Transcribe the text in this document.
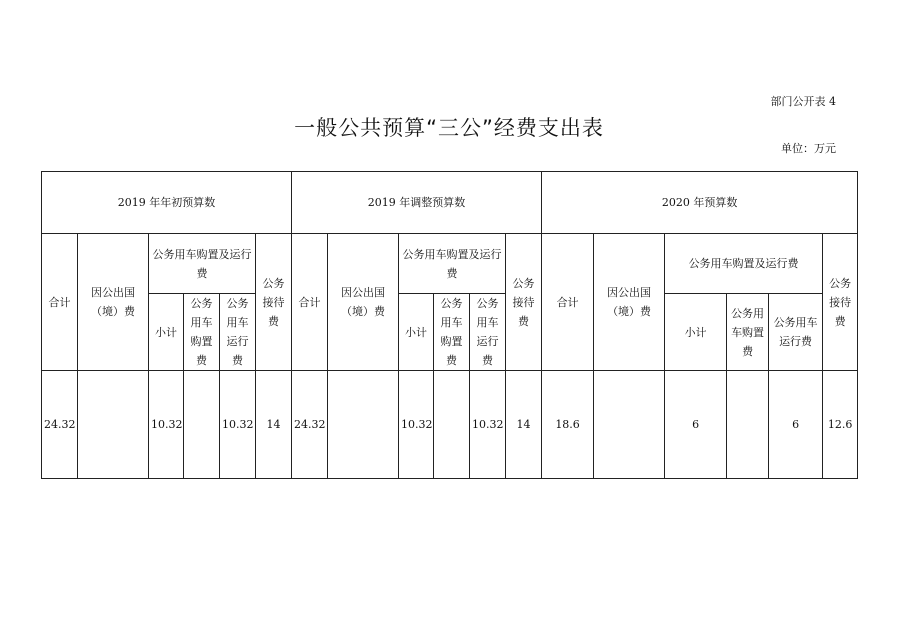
部门公开表 4
一般公共预算“三公”经费支出表
单位：万元
2019 年年初预算数						2019 年调整预算数						2020 年预算数					
合计	因公出国（境）费	公务用车购置及运行费			公务接待费	合计	因公出国（境）费	公务用车购置及运行费			公务接待费	合计	因公出国（境）费	公务用车购置及运行费			公务接待费
		小计	公务用车购置费	公务用车运行费				小计	公务用车购置费	公务用车运行费				小计	公务用车购置费	公务用车运行费	
24.32		10.32		10.32	14	24.32		10.32		10.32	14	18.6		6		6	12.6
